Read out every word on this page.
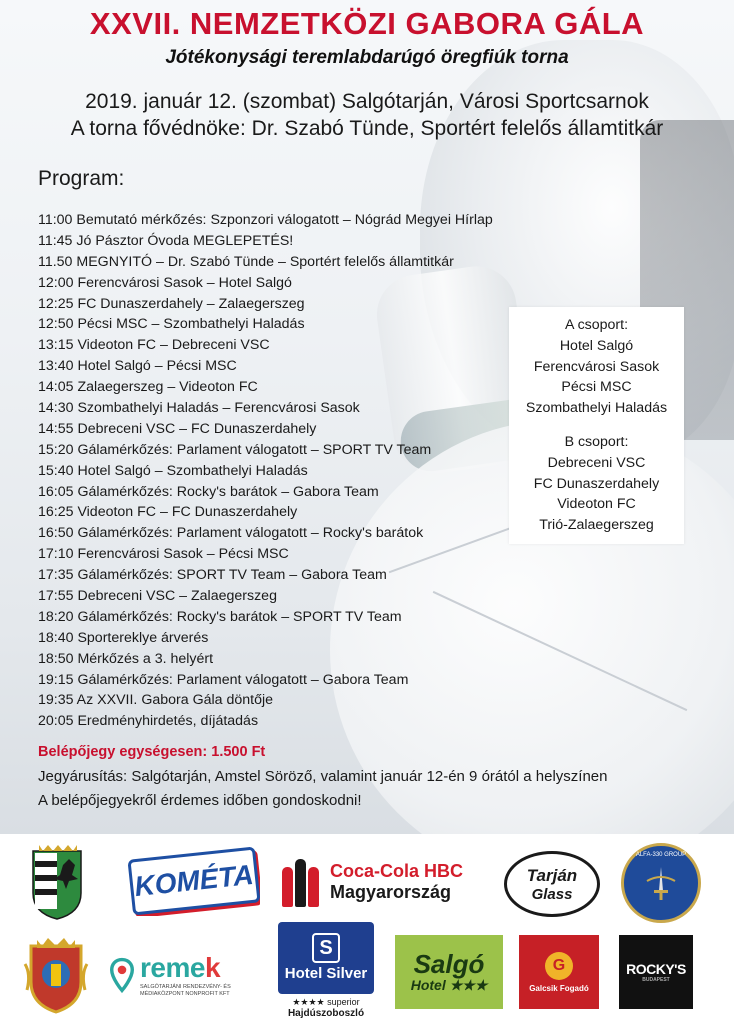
XXVII. NEMZETKÖZI GABORA GÁLA
Jótékonysági teremlabdarúgó öregfiúk torna
2019. január 12. (szombat) Salgótarján, Városi Sportcsarnok
A torna fővédnöke: Dr. Szabó Tünde, Sportért felelős államtitkár
Program:
11:00 Bemutató mérkőzés: Szponzori válogatott – Nógrád Megyei Hírlap
11:45 Jó Pásztor Óvoda MEGLEPETÉS!
11.50 MEGNYITÓ – Dr. Szabó Tünde – Sportért felelős államtitkár
12:00 Ferencvárosi Sasok – Hotel Salgó
12:25 FC Dunaszerdahely – Zalaegerszeg
12:50 Pécsi MSC – Szombathelyi Haladás
13:15 Videoton FC – Debreceni VSC
13:40 Hotel Salgó – Pécsi MSC
14:05 Zalaegerszeg – Videoton FC
14:30 Szombathelyi Haladás – Ferencvárosi Sasok
14:55 Debreceni VSC – FC Dunaszerdahely
15:20 Gálamérkőzés: Parlament válogatott – SPORT TV Team
15:40 Hotel Salgó – Szombathelyi Haladás
16:05 Gálamérkőzés: Rocky's barátok – Gabora Team
16:25 Videoton FC – FC Dunaszerdahely
16:50 Gálamérkőzés: Parlament válogatott – Rocky's barátok
17:10 Ferencvárosi Sasok – Pécsi MSC
17:35 Gálamérkőzés: SPORT TV Team – Gabora Team
17:55 Debreceni VSC – Zalaegerszeg
18:20 Gálamérkőzés: Rocky's barátok – SPORT TV Team
18:40 Sportereklye árverés
18:50 Mérkőzés a 3. helyért
19:15 Gálamérkőzés: Parlament válogatott – Gabora Team
19:35 Az XXVII. Gabora Gála döntője
20:05 Eredményhirdetés, díjátadás
A csoport:
Hotel Salgó
Ferencvárosi Sasok
Pécsi MSC
Szombathelyi Haladás
B csoport:
Debreceni VSC
FC Dunaszerdahely
Videoton FC
Trió-Zalaegerszeg
Belépőjegy egységesen: 1.500 Ft
Jegyárusítás: Salgótarján, Amstel Söröző, valamint január 12-én 9 órától a helyszínen
A belépőjegyekről érdemes időben gondoskodni!
KOMÉTA	Coca-Cola HBC
Magyarország
Tarján
Glass
ALFA-330 GROUP
remek
SALGÓTARJÁNI RENDEZVÉNY- ÉS MÉDIAKÖZPONT NONPROFIT KFT
S
Hotel Silver
★★★★ superior
Hajdúszoboszló
Salgó
Hotel ★★★
G
Galcsik Fogadó
ROCKY'S
BUDAPEST
